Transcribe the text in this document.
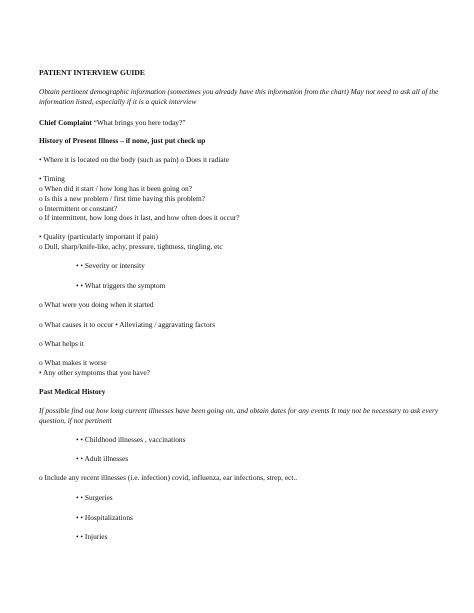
PATIENT INTERVIEW GUIDE
Obtain pertinent demographic information (sometimes you already have this information from the chart) May not need to ask all of the information listed, especially if it is a quick interview
Chief Complaint “What brings you here today?”
History of Present Illness – if none, just put check up
• Where it is located on the body (such as pain) o Does it radiate
• Timing
o When did it start / how long has it been going on?
o Is this a new problem / first time having this problem?
o Intermittent or constant?
o If intermittent, how long does it last, and how often does it occur?
• Quality (particularly important if pain)
o Dull, sharp/knife-like, achy, pressure, tightness, tingling, etc
• • Severity or intensity
• • What triggers the symptom
o What were you doing when it started
o What causes it to occur • Alleviating / aggravating factors
o What helps it
o What makes it worse
• Any other symptoms that you have?
Past Medical History
If possible find out how long current illnesses have been going on, and obtain dates for any events It may not be necessary to ask every question, if not pertinent
• • Childhood illnesses , vaccinations
• • Adult illnesses
o Include any recent illnesses (i.e. infection) covid, influenza, ear infections, strep, ect..
• • Surgeries
• • Hospitalizations
• • Injuries
